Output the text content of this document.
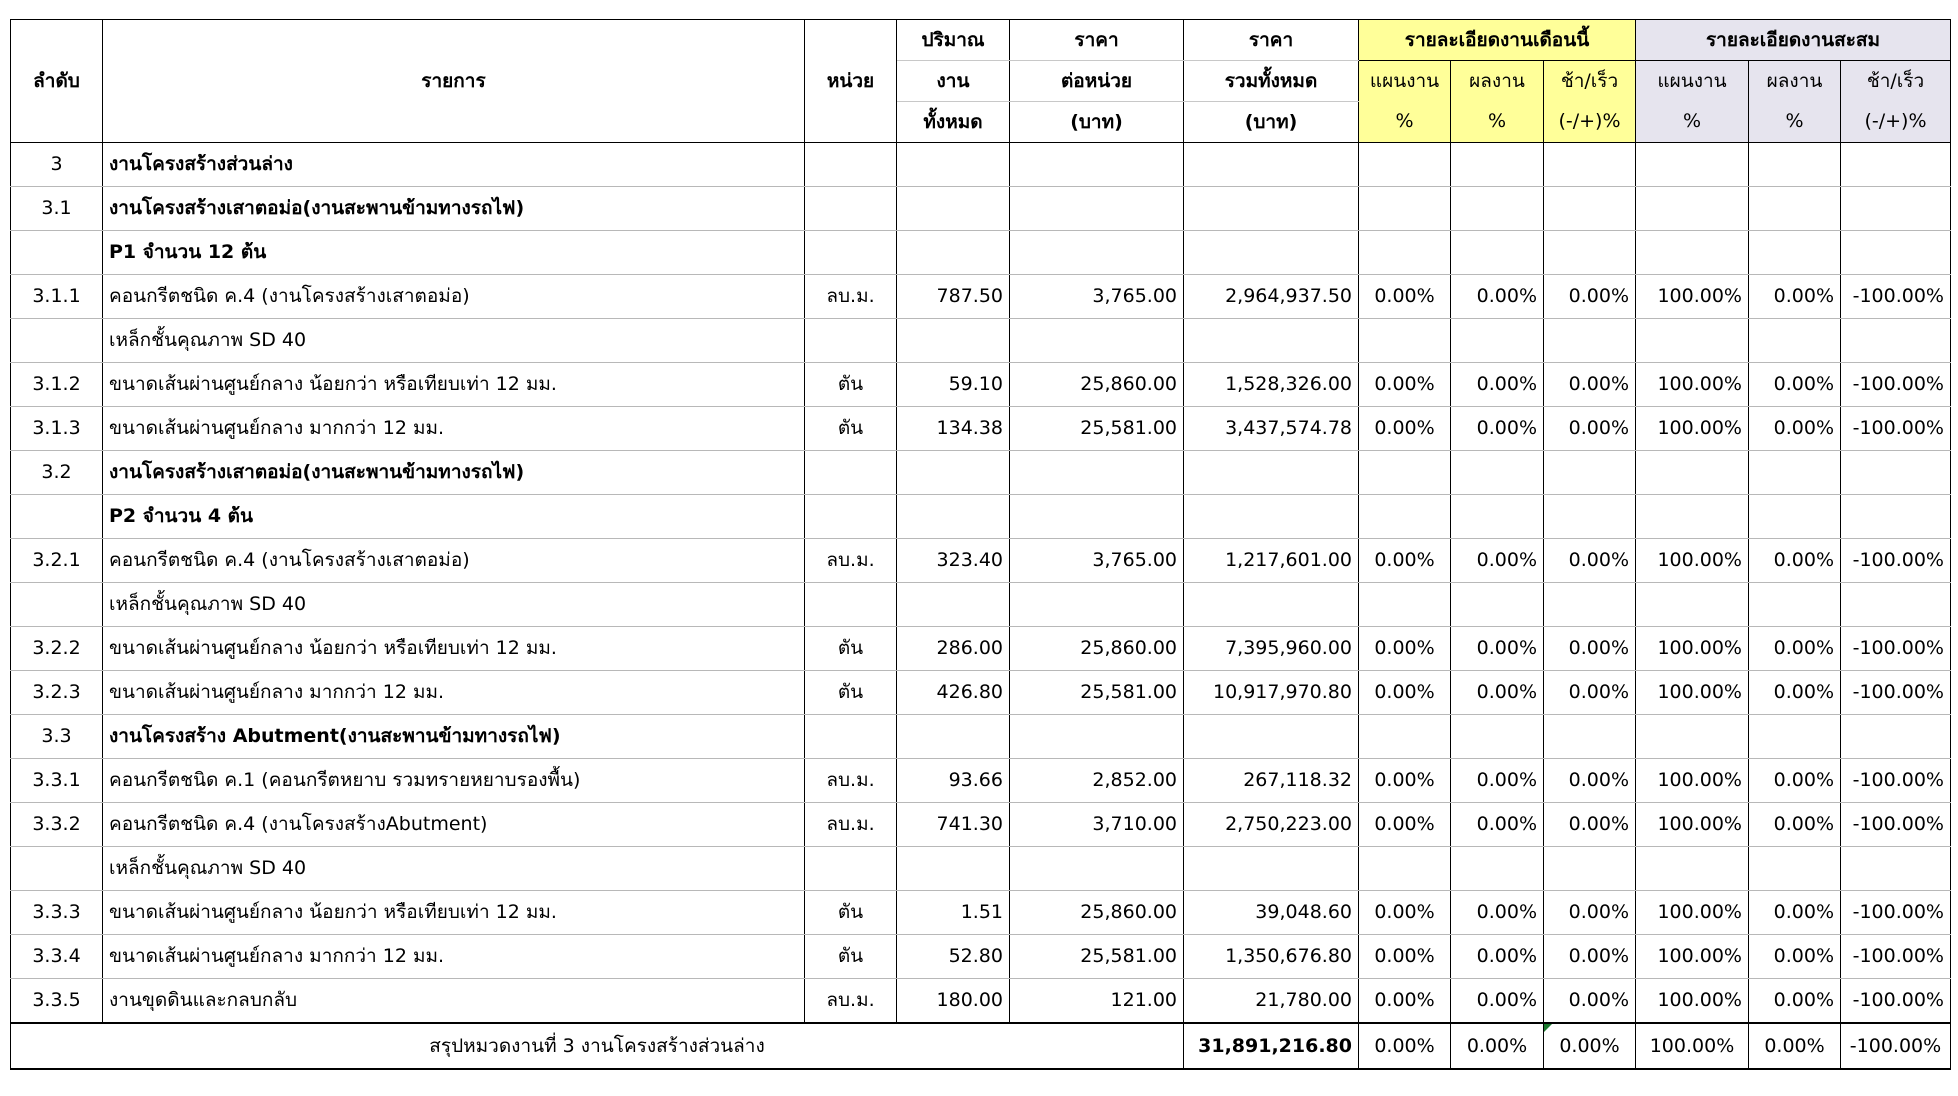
ลำดับ	รายการ	หน่วย	ปริมาณ	ราคา	ราคา	รายละเอียดงานเดือนนี้			รายละเอียดงานสะสม		
			งาน	ต่อหน่วย	รวมทั้งหมด	แผนงาน	ผลงาน	ช้า/เร็ว	แผนงาน	ผลงาน	ช้า/เร็ว
			ทั้งหมด	(บาท)	(บาท)	%	%	(-/+)%	%	%	(-/+)%
3	งานโครงสร้างส่วนล่าง										
3.1	งานโครงสร้างเสาตอม่อ(งานสะพานข้ามทางรถไฟ)										
	P1 จำนวน 12 ต้น										
3.1.1	คอนกรีตชนิด ค.4 (งานโครงสร้างเสาตอม่อ)	ลบ.ม.	787.50	3,765.00	2,964,937.50	0.00%	0.00%	0.00%	100.00%	0.00%	-100.00%
	เหล็กชั้นคุณภาพ SD 40										
3.1.2	ขนาดเส้นผ่านศูนย์กลาง น้อยกว่า หรือเทียบเท่า 12 มม.	ตัน	59.10	25,860.00	1,528,326.00	0.00%	0.00%	0.00%	100.00%	0.00%	-100.00%
3.1.3	ขนาดเส้นผ่านศูนย์กลาง มากกว่า 12 มม.	ตัน	134.38	25,581.00	3,437,574.78	0.00%	0.00%	0.00%	100.00%	0.00%	-100.00%
3.2	งานโครงสร้างเสาตอม่อ(งานสะพานข้ามทางรถไฟ)										
	P2 จำนวน 4 ต้น										
3.2.1	คอนกรีตชนิด ค.4 (งานโครงสร้างเสาตอม่อ)	ลบ.ม.	323.40	3,765.00	1,217,601.00	0.00%	0.00%	0.00%	100.00%	0.00%	-100.00%
	เหล็กชั้นคุณภาพ SD 40										
3.2.2	ขนาดเส้นผ่านศูนย์กลาง น้อยกว่า หรือเทียบเท่า 12 มม.	ตัน	286.00	25,860.00	7,395,960.00	0.00%	0.00%	0.00%	100.00%	0.00%	-100.00%
3.2.3	ขนาดเส้นผ่านศูนย์กลาง มากกว่า 12 มม.	ตัน	426.80	25,581.00	10,917,970.80	0.00%	0.00%	0.00%	100.00%	0.00%	-100.00%
3.3	งานโครงสร้าง Abutment(งานสะพานข้ามทางรถไฟ)										
3.3.1	คอนกรีตชนิด ค.1 (คอนกรีตหยาบ รวมทรายหยาบรองพื้น)	ลบ.ม.	93.66	2,852.00	267,118.32	0.00%	0.00%	0.00%	100.00%	0.00%	-100.00%
3.3.2	คอนกรีตชนิด ค.4 (งานโครงสร้างAbutment)	ลบ.ม.	741.30	3,710.00	2,750,223.00	0.00%	0.00%	0.00%	100.00%	0.00%	-100.00%
	เหล็กชั้นคุณภาพ SD 40										
3.3.3	ขนาดเส้นผ่านศูนย์กลาง น้อยกว่า หรือเทียบเท่า 12 มม.	ตัน	1.51	25,860.00	39,048.60	0.00%	0.00%	0.00%	100.00%	0.00%	-100.00%
3.3.4	ขนาดเส้นผ่านศูนย์กลาง มากกว่า 12 มม.	ตัน	52.80	25,581.00	1,350,676.80	0.00%	0.00%	0.00%	100.00%	0.00%	-100.00%
3.3.5	งานขุดดินและกลบกลับ	ลบ.ม.	180.00	121.00	21,780.00	0.00%	0.00%	0.00%	100.00%	0.00%	-100.00%
สรุปหมวดงานที่ 3 งานโครงสร้างส่วนล่าง					31,891,216.80	0.00%	0.00%	0.00%	100.00%	0.00%	-100.00%
